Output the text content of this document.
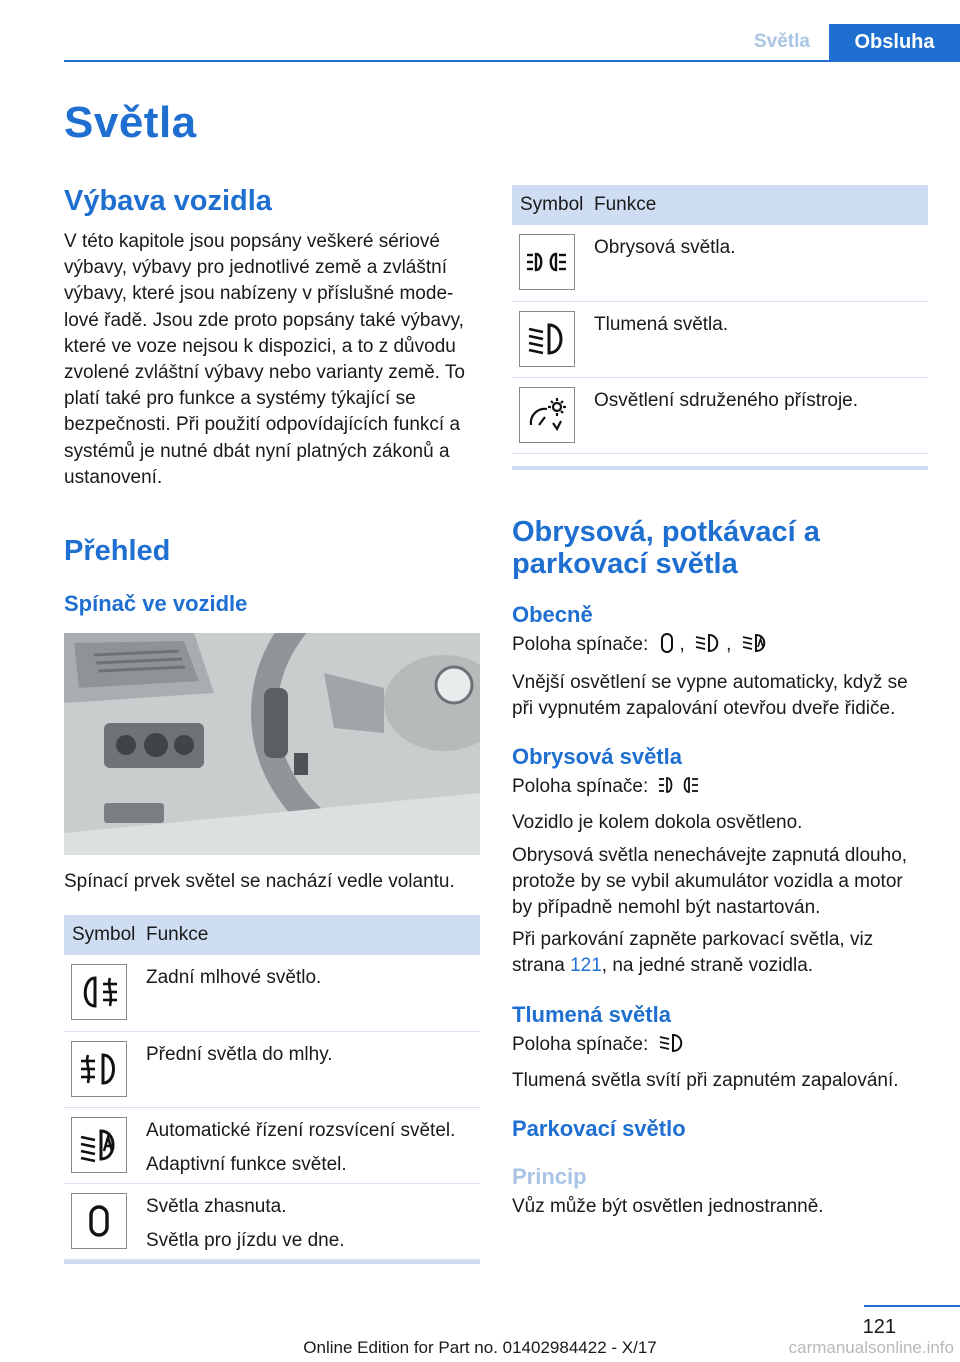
Světla	Obsluha
Světla
Výbava vozidla

V této kapitole jsou popsány veškeré sériové výbavy, výbavy pro jednotlivé země a zvláštní výbavy, které jsou nabízeny v příslušné modelové řadě. Jsou zde proto popsány také výbavy, které ve voze nejsou k dispozici, a to z důvodu zvolené zvláštní výbavy nebo varianty země. To platí také pro funkce a systémy týkající se bezpečnosti. Při použití odpovídajících funkcí a systémů je nutné dbát nyní platných zákonů a ustanovení.

Přehled
Spínač ve vozidle

Spínací prvek světel se nachází vedle volantu.

Symbol	Funkce

Zadní mlhové světlo.

Přední světla do mlhy.

Automatické řízení rozsvícení světel.
Adaptivní funkce světel.

Světla zhasnuta.
Světla pro jízdu ve dne.
Symbol	Funkce

Obrysová světla.

Tlumená světla.

Osvětlení sdruženého přístroje.
Obrysová, potkávací a parkovací světla
Obecně

Poloha spínače: , ,

Vnější osvětlení se vypne automaticky, když se při vypnutém zapalování otevřou dveře řidiče.

Obrysová světla

Poloha spínače:

Vozidlo je kolem dokola osvětleno.

Obrysová světla nenechávejte zapnutá dlouho, protože by se vybil akumulátor vozidla a motor by případně nemohl být nastartován.

Při parkování zapněte parkovací světla, viz strana 121, na jedné straně vozidla.

Tlumená světla

Poloha spínače:

Tlumená světla svítí při zapnutém zapalování.

Parkovací světlo
Princip

Vůz může být osvětlen jednostranně.

121
carmanualsonline.info
Online Edition for Part no. 01402984422 - X/17
